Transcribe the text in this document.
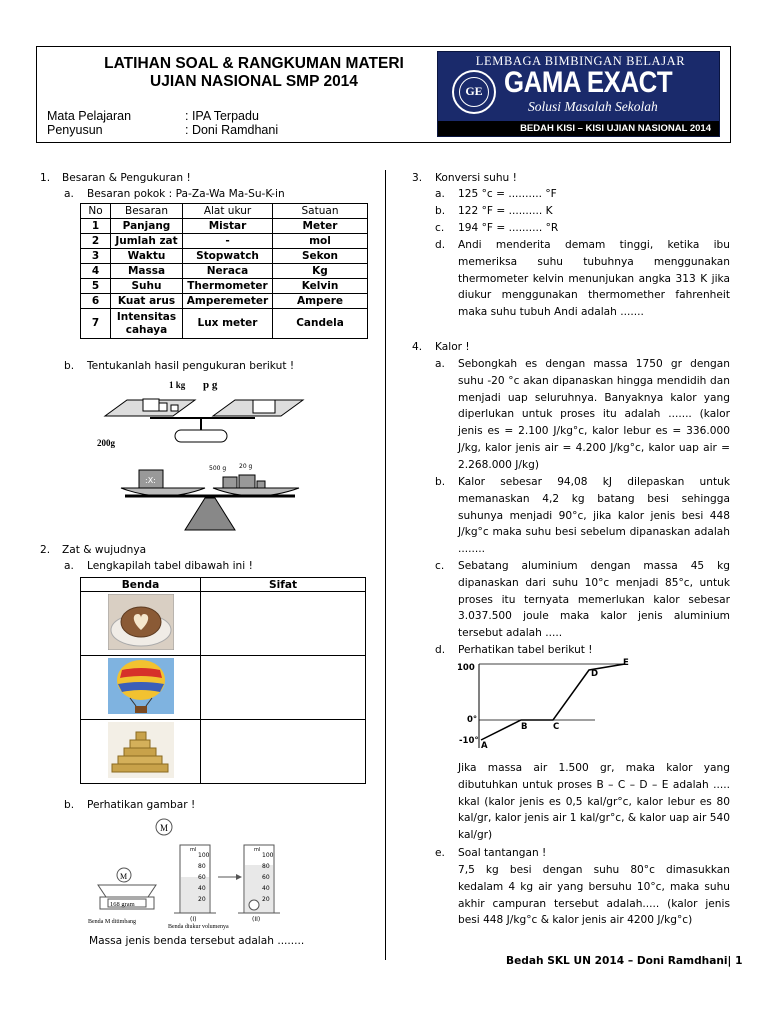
LATIHAN SOAL & RANGKUMAN MATERI
UJIAN NASIONAL SMP 2014
Mata Pelajaran	: IPA Terpadu
Penyusun	: Doni Ramdhani
LEMBAGA BIMBINGAN BELAJAR
GE GAMA EXACT
Solusi Masalah Sekolah
BEDAH KISI – KISI UJIAN NASIONAL 2014
1. Besaran & Pengukuran !
a. Besaran pokok : Pa-Za-Wa Ma-Su-K-in
No	Besaran	Alat ukur	Satuan
1	Panjang	Mistar	Meter
2	Jumlah zat	-	mol
3	Waktu	Stopwatch	Sekon
4	Massa	Neraca	Kg
5	Suhu	Thermometer	Kelvin
6	Kuat arus	Amperemeter	Ampere
7	Intensitas cahaya	Lux meter	Candela
b. Tentukanlah hasil pengukuran berikut !
1 kg p g
200g
:X:
500 g 20 g
2. Zat & wujudnya
a. Lengkapilah tabel dibawah ini !
Benda	Sifat

b. Perhatikan gambar !
M
M
168 gram
Benda M ditimbang
ml
100
80
60
40
20
(I)
Benda diukur volumenya
ml
100
80
60
40
20
(II)
Massa jenis benda tersebut adalah ........
3. Konversi suhu !
a. 125 °c = .......... °F
b. 122 °F = .......... K
c. 194 °F = .......... °R
d. Andi menderita demam tinggi, ketika ibu memeriksa suhu tubuhnya menggunakan thermometer kelvin menunjukan angka 313 K jika diukur menggunakan thermomether fahrenheit maka suhu tubuh Andi adalah .......
4. Kalor !
a. Sebongkah es dengan massa 1750 gr dengan suhu -20 °c akan dipanaskan hingga mendidih dan menjadi uap seluruhnya. Banyaknya kalor yang diperlukan untuk proses itu adalah ....... (kalor jenis es = 2.100 J/kg°c, kalor lebur es = 336.000 J/kg, kalor jenis air = 4.200 J/kg°c, kalor uap air = 2.268.000 J/kg)
b. Kalor sebesar 94,08 kJ dilepaskan untuk memanaskan 4,2 kg batang besi sehingga suhunya menjadi 90°c, jika kalor jenis besi 448 J/kg°c maka suhu besi sebelum dipanaskan adalah ........
c. Sebatang aluminium dengan massa 45 kg dipanaskan dari suhu 10°c menjadi 85°c, untuk proses itu ternyata memerlukan kalor sebesar 3.037.500 joule maka kalor jenis aluminium tersebut adalah .....
d. Perhatikan tabel berikut !
100
0°
-10° A
B	C
D
E
Jika massa air 1.500 gr, maka kalor yang dibutuhkan untuk proses B – C – D – E adalah ..... kkal (kalor jenis es 0,5 kal/gr°c, kalor lebur es 80 kal/gr, kalor jenis air 1 kal/gr°c, & kalor uap air 540 kal/gr)
e. Soal tantangan !
7,5 kg besi dengan suhu 80°c dimasukkan kedalam 4 kg air yang bersuhu 10°c, maka suhu akhir campuran tersebut adalah..... (kalor jenis besi 448 J/kg°c & kalor jenis air 4200 J/kg°c)
Bedah SKL UN 2014 – Doni Ramdhani| 1
